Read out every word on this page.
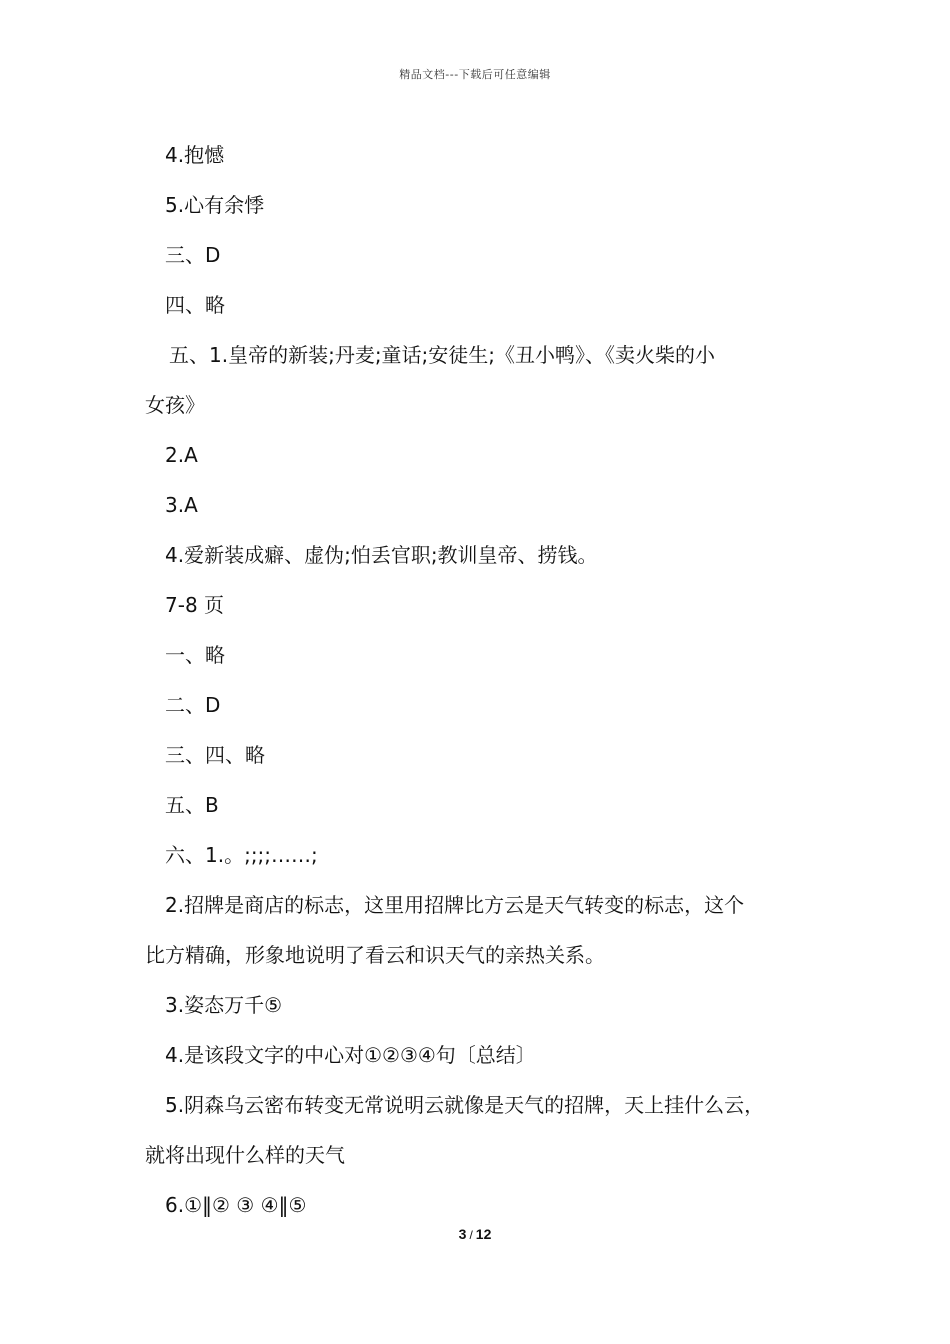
精品文档---下载后可任意编辑
4.抱憾
5.心有余悸
三、D
四、略
五、1.皇帝的新装;丹麦;童话;安徒生;《丑小鸭》、《卖火柴的小
女孩》
2.A
3.A
4.爱新装成癖、虚伪;怕丢官职;教训皇帝、捞钱。
7-8 页
一、略
二、D
三、四、略
五、B
六、1.。;;;;……;
2.招牌是商店的标志，这里用招牌比方云是天气转变的标志，这个
比方精确，形象地说明了看云和识天气的亲热关系。
3.姿态万千⑤
4.是该段文字的中心对①②③④句〔总结〕
5.阴森乌云密布转变无常说明云就像是天气的招牌，天上挂什么云，
就将出现什么样的天气
6.①‖② ③ ④‖⑤
3 / 12
